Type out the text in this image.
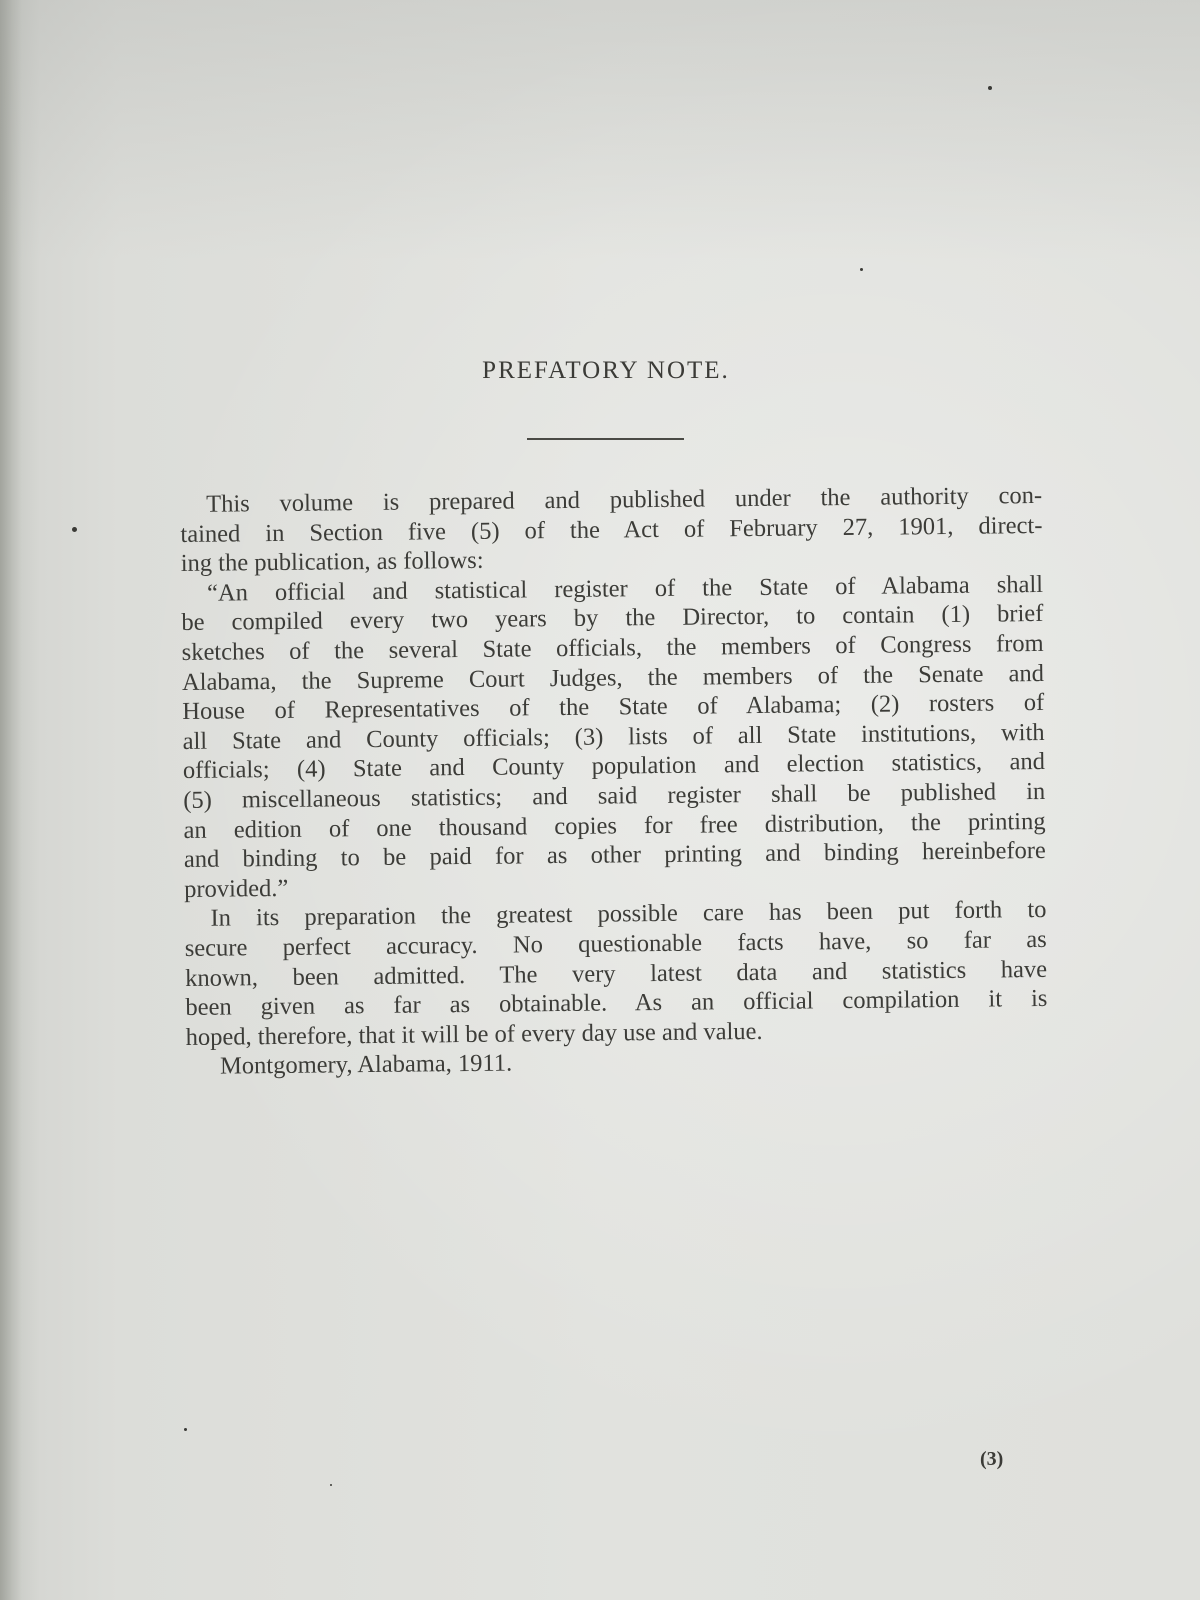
PREFATORY NOTE.
This volume is prepared and published under the authority con-
tained in Section five (5) of the Act of February 27, 1901, direct-
ing the publication, as follows:
“An official and statistical register of the State of Alabama shall
be compiled every two years by the Director, to contain (1) brief
sketches of the several State officials, the members of Congress from
Alabama, the Supreme Court Judges, the members of the Senate and
House of Representatives of the State of Alabama; (2) rosters of
all State and County officials; (3) lists of all State institutions, with
officials; (4) State and County population and election statistics, and
(5) miscellaneous statistics; and said register shall be published in
an edition of one thousand copies for free distribution, the printing
and binding to be paid for as other printing and binding hereinbefore
provided.”
In its preparation the greatest possible care has been put forth to
secure perfect accuracy. No questionable facts have, so far as
known, been admitted. The very latest data and statistics have
been given as far as obtainable. As an official compilation it is
hoped, therefore, that it will be of every day use and value.
Montgomery, Alabama, 1911.
(3)
